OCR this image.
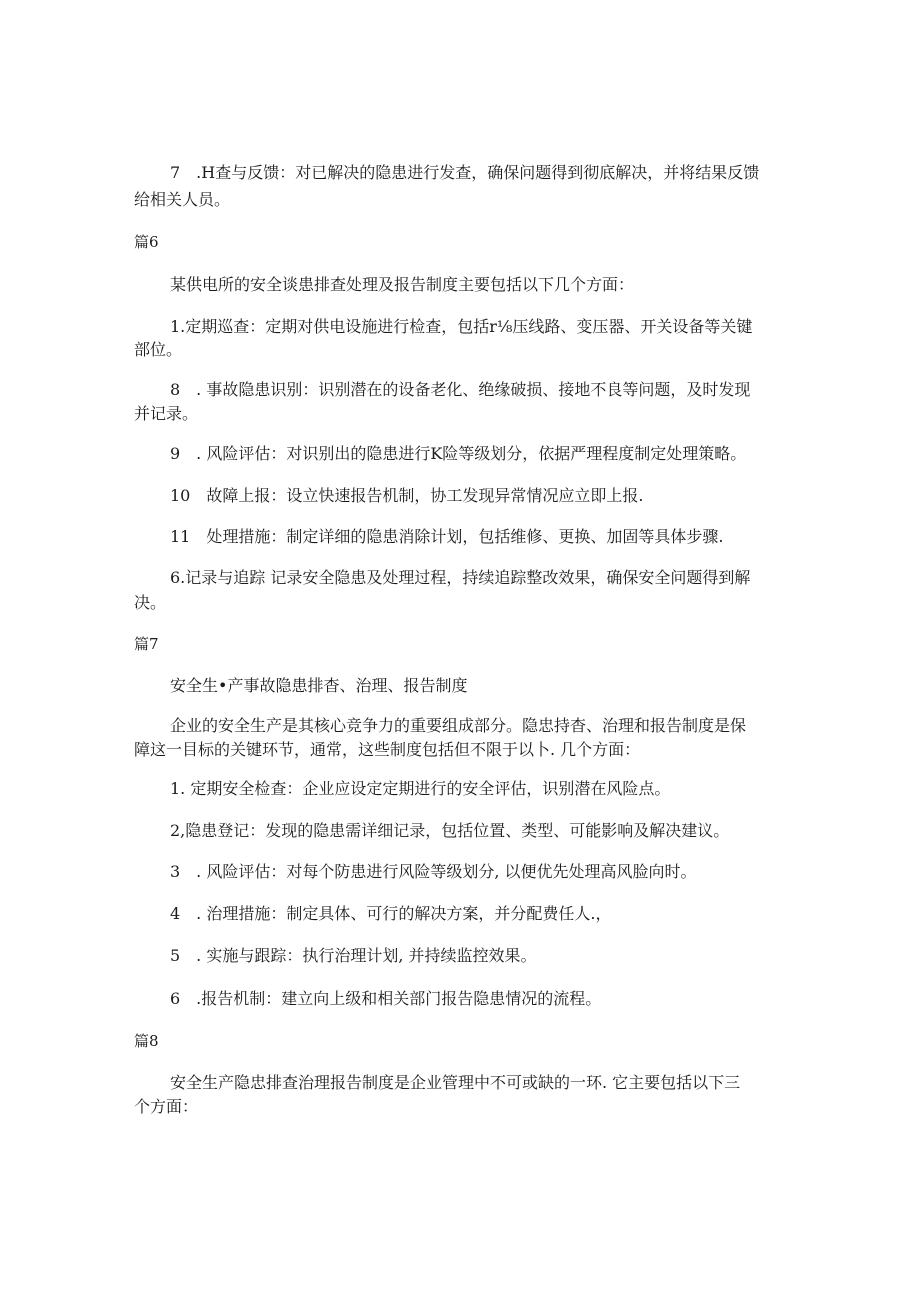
7　.H查与反馈：对已解决的隐患进行发查，确保问题得到彻底解决，并将结果反馈
给相关人员。
篇6
某供电所的安全谈患排查处理及报告制度主要包括以下几个方面：
1.定期巡查：定期对供电设施进行检查，包括r⅛压线路、变压器、开关设备等关键
部位。
8　. 事故隐患识别：识别潜在的设备老化、绝缘破损、接地不良等问题，及时发现
并记录。
9　. 风险评估：对识别出的隐患进行K险等级划分，依据严理程度制定处理策略。
10　故障上报：设立快速报告机制，协工发现异常情况应立即上报.
11　处理措施：制定详细的隐患消除计划，包括维修、更换、加固等具体步骤.
6.记录与追踪 记录安全隐患及处理过程，持续追踪整改效果，确保安全问题得到解
决。
篇7
安全生•产事故隐患排杳、治理、报告制度
企业的安全生产是其核心竞争力的重要组成部分。隐忠持杳、治理和报告制度是保
障这一目标的关键环节，通常，这些制度包括但不限于以卜. 几个方面：
1. 定期安全检查：企业应设定定期进行的安全评估，识别潜在风险点。
2,隐患登记：发现的隐患需详细记录，包括位置、类型、可能影响及解决建议。
3　. 风险评估：对每个防患进行风险等级划分, 以便优先处理高风脸向时。
4　. 治理措施：制定具体、可行的解决方案，并分配费任人.，
5　. 实施与跟踪：执行治理计划, 并持续监控效果。
6　.报告机制：建立向上级和相关部门报告隐患情况的流程。
篇8
安全生产隐忠排查治理报告制度是企业管理中不可或缺的一环. 它主要包括以下三
个方面：
